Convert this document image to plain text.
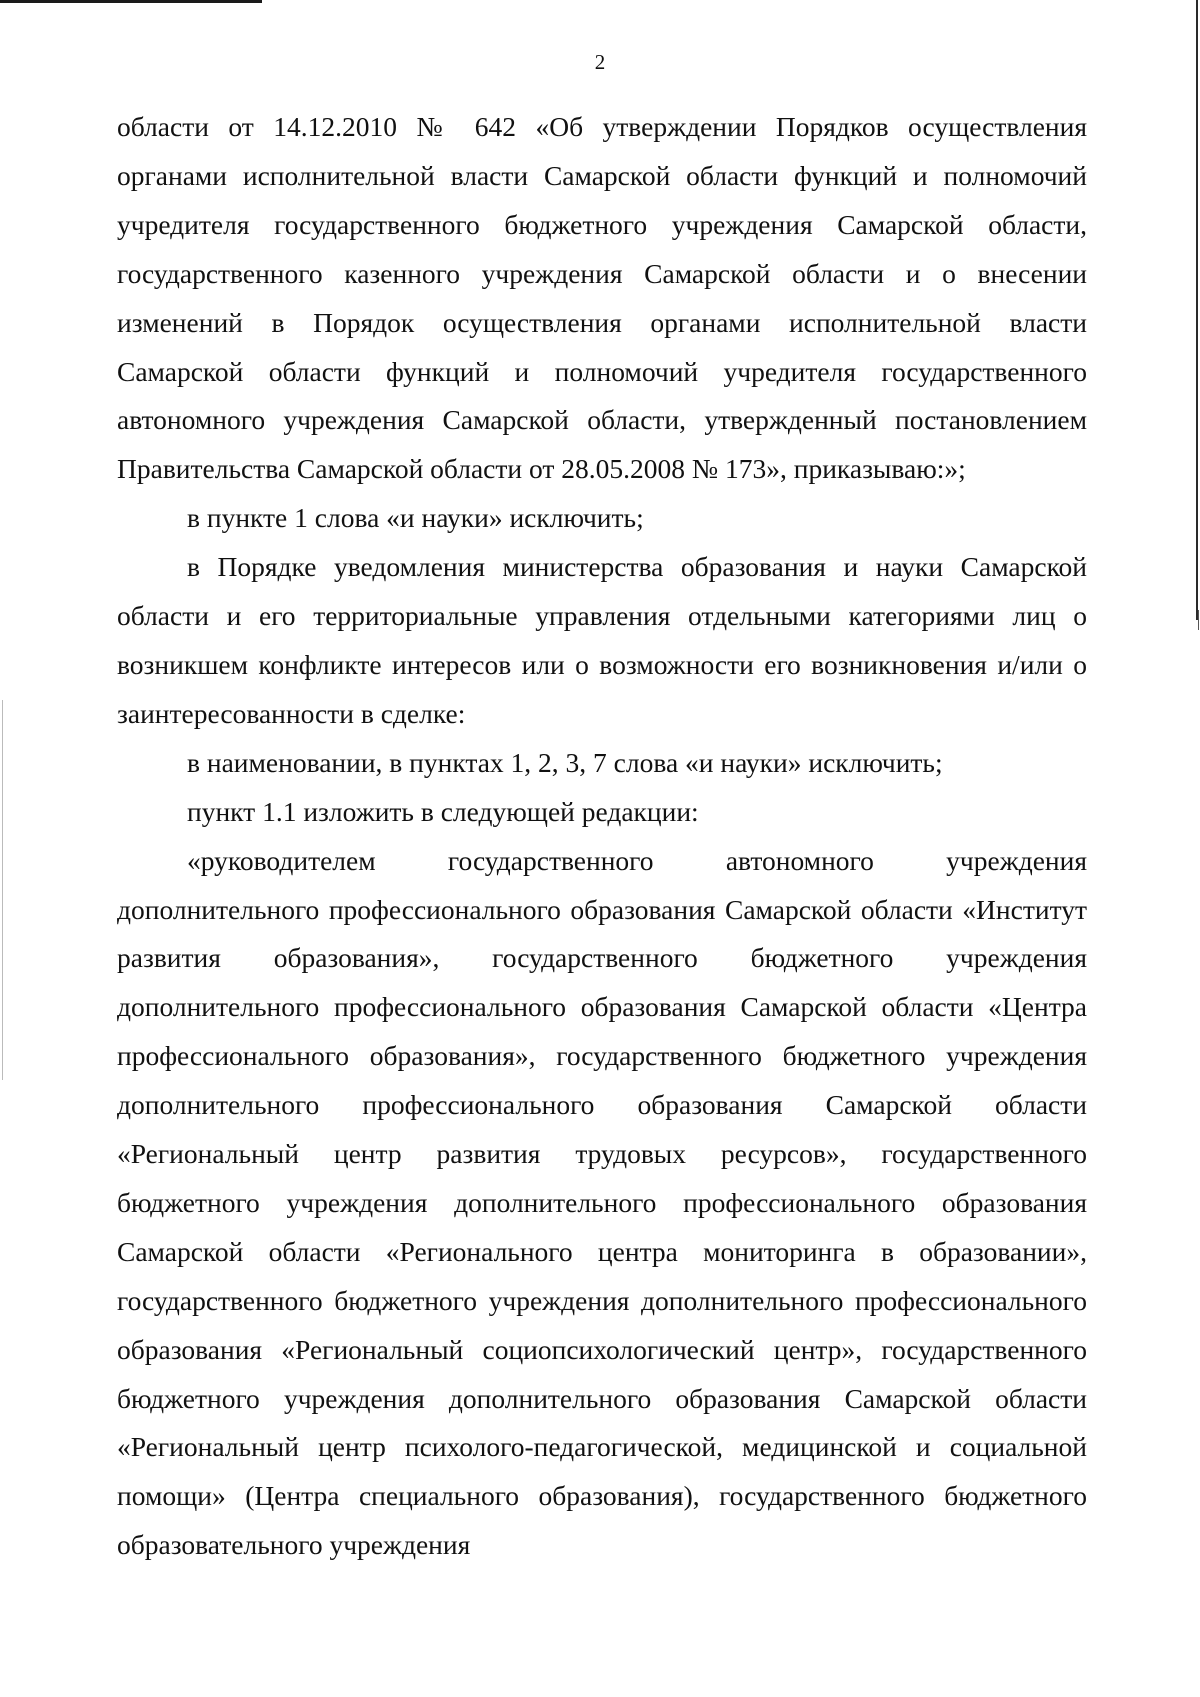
2

области от 14.12.2010 № 642 «Об утверждении Порядков осуществления органами исполнительной власти Самарской области функций и полномочий учредителя государственного бюджетного учреждения Самарской области, государственного казенного учреждения Самарской области и о внесении изменений в Порядок осуществления органами исполнительной власти Самарской области функций и полномочий учредителя государственного автономного учреждения Самарской области, утвержденный постановлением Правительства Самарской области от 28.05.2008 № 173», приказываю:»;

в пункте 1 слова «и науки» исключить;

в Порядке уведомления министерства образования и науки Самарской области и его территориальные управления отдельными категориями лиц о возникшем конфликте интересов или о возможности его возникновения и/или о заинтересованности в сделке:

в наименовании, в пунктах 1, 2, 3, 7 слова «и науки» исключить;

пункт 1.1 изложить в следующей редакции:

«руководителем государственного автономного учреждения дополнительного профессионального образования Самарской области «Институт развития образования», государственного бюджетного учреждения дополнительного профессионального образования Самарской области «Центра профессионального образования», государственного бюджетного учреждения дополнительного профессионального образования Самарской области «Региональный центр развития трудовых ресурсов», государственного бюджетного учреждения дополнительного профессионального образования Самарской области «Регионального центра мониторинга в образовании», государственного бюджетного учреждения дополнительного профессионального образования «Региональный социопсихологический центр», государственного бюджетного учреждения дополнительного образования Самарской области «Региональный центр психолого-педагогической, медицинской и социальной помощи» (Центра специального образования), государственного бюджетного образовательного учреждения
